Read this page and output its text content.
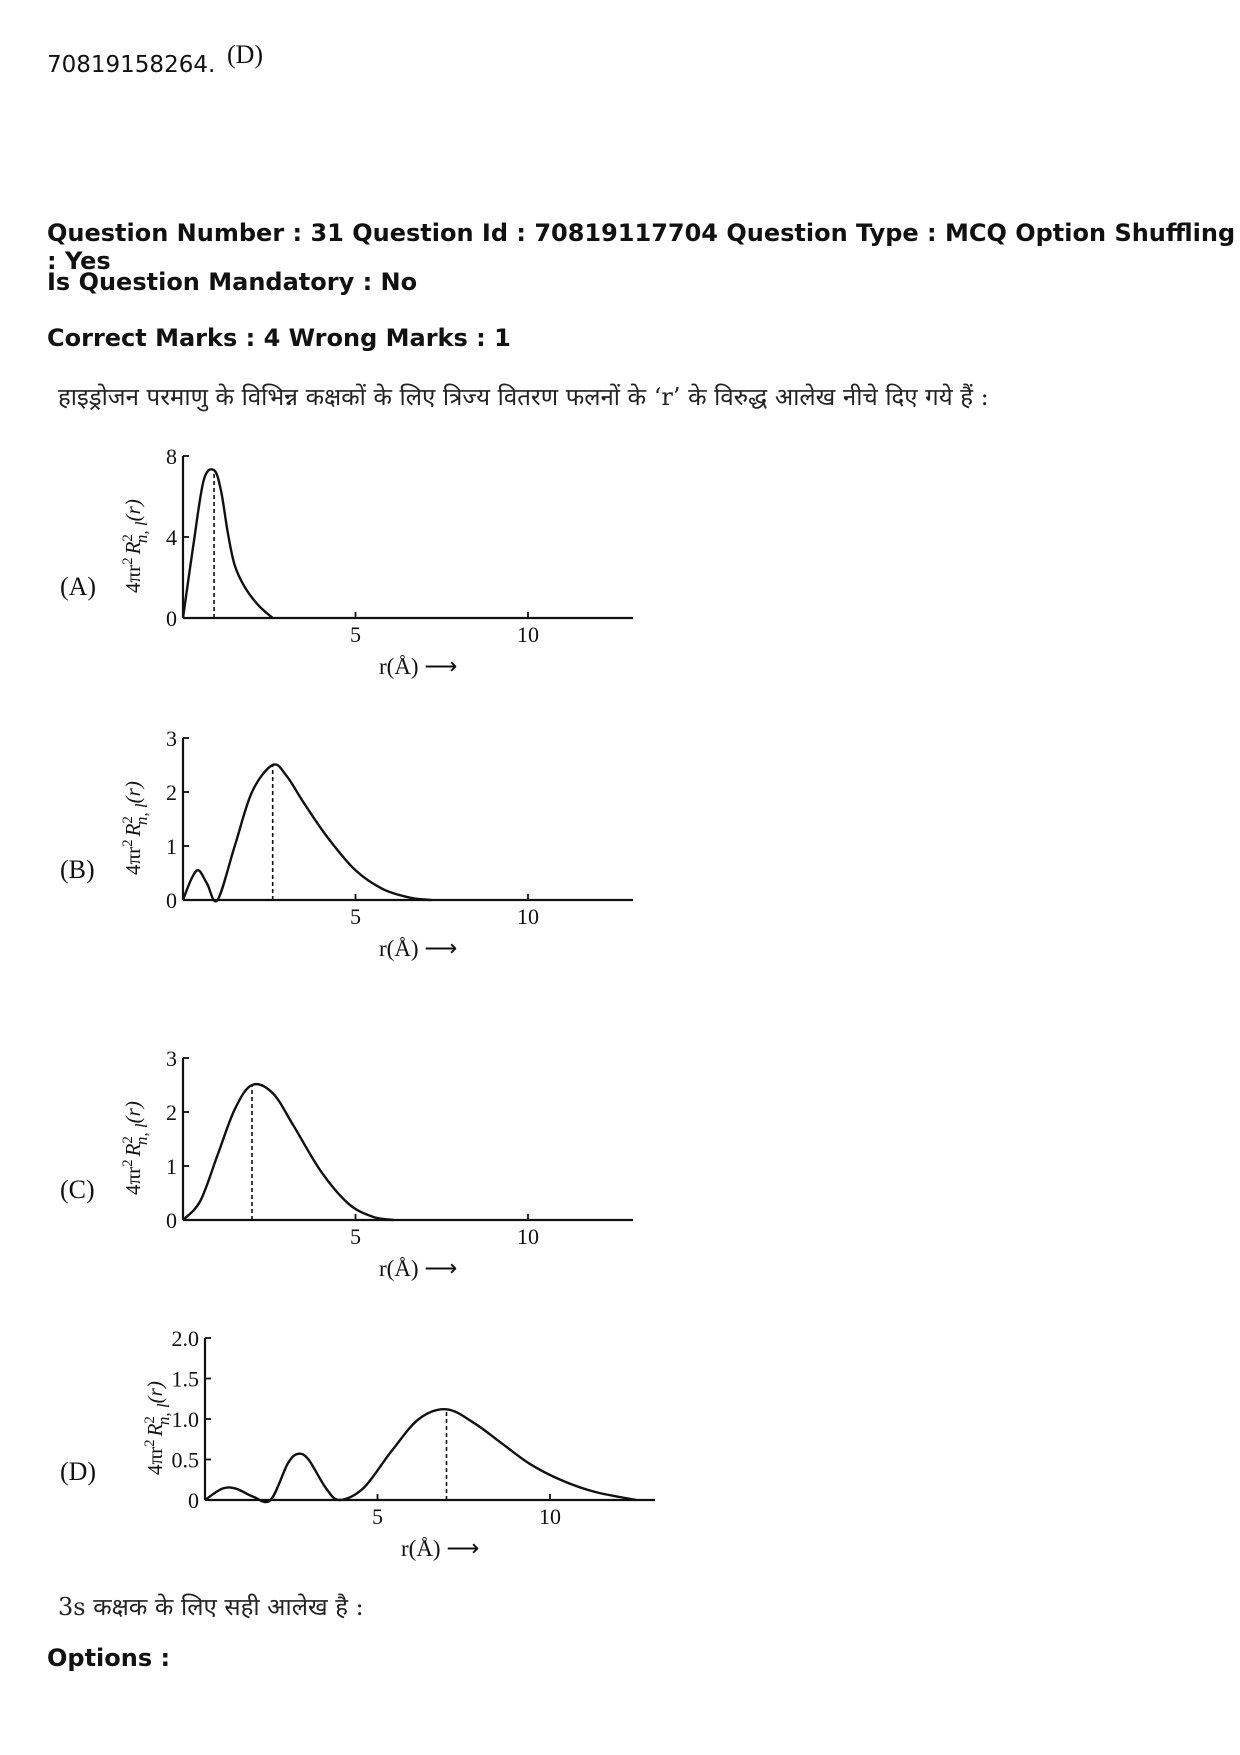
70819158264. (D)
Question Number : 31 Question Id : 70819117704 Question Type : MCQ Option Shuffling : Yes
Is Question Mandatory : No
Correct Marks : 4 Wrong Marks : 1
हाइड्रोजन परमाणु के विभिन्न कक्षकों के लिए त्रिज्य वितरण फलनों के ‘r’ के विरुद्ध आलेख नीचे दिए गये हैं :
(A) $4\pi r^2R^2n$, l(r)
0
4
8
5	10
r(Å) ⟶
(B) $4\pi r^2R^2n$, l(r)
0
1
2
3
5	10
r(Å) ⟶
(C) $4\pi r^2R^2n$, l(r)
0
1
2
3
5	10
r(Å) ⟶
(D) $4\pi r^2R^2n$, l(r)
0
0.5
1.0
1.5
2.0
5	10
r(Å) ⟶
3s कक्षक के लिए सही आलेख है :
Options :
